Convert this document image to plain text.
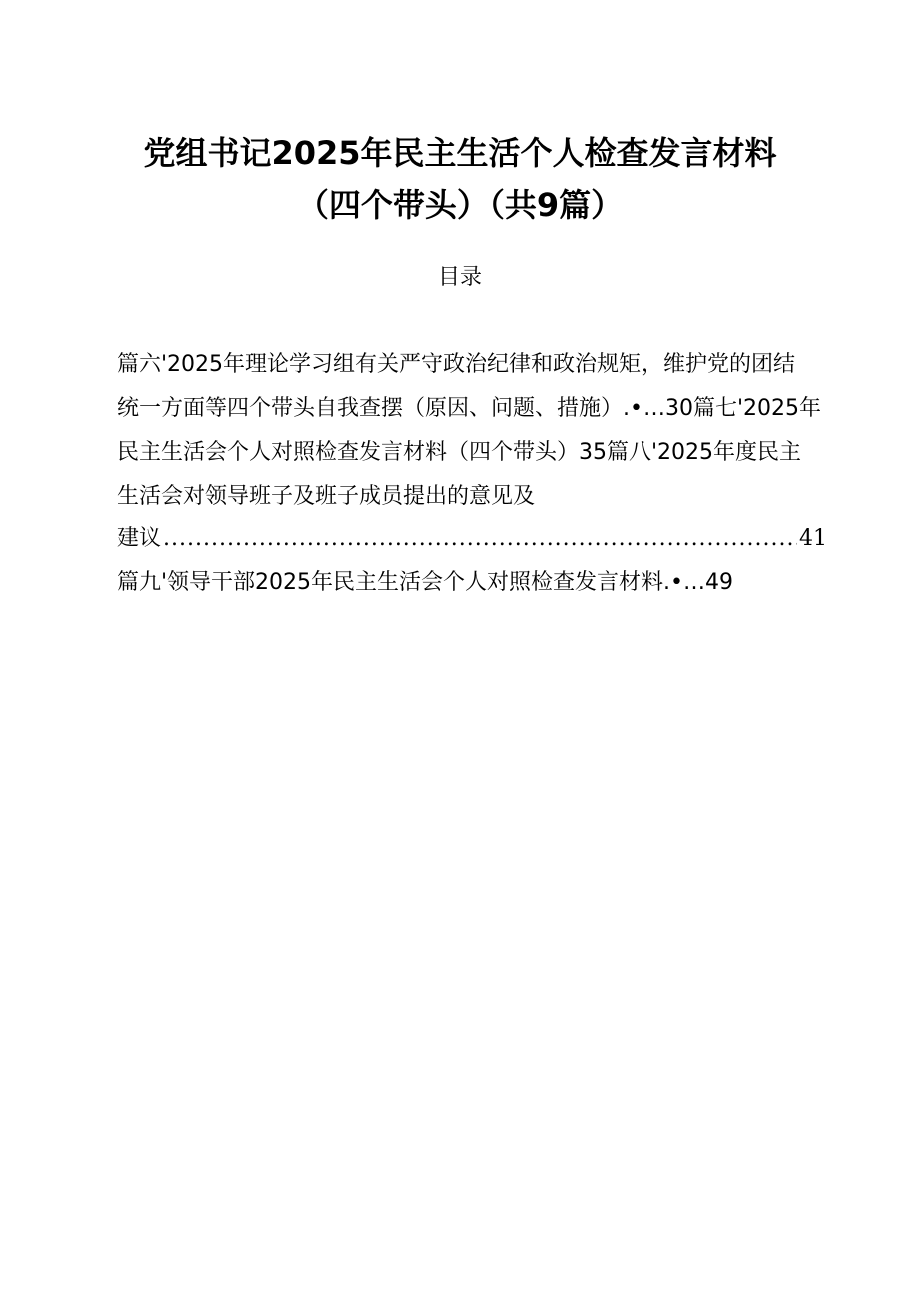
党组书记2025年民主生活个人检查发言材料
（四个带头）（共9篇）
目录
篇六'2025年理论学习组有关严守政治纪律和政治规矩，维护党的团结
统一方面等四个带头自我查摆（原因、问题、措施）.•…30篇七'2025年
民主生活会个人对照检查发言材料（四个带头）35篇八'2025年度民主
生活会对领导班子及班子成员提出的意见及
建议
.....	41
篇九'领导干部2025年民主生活会个人对照检查发言材料.•…49
